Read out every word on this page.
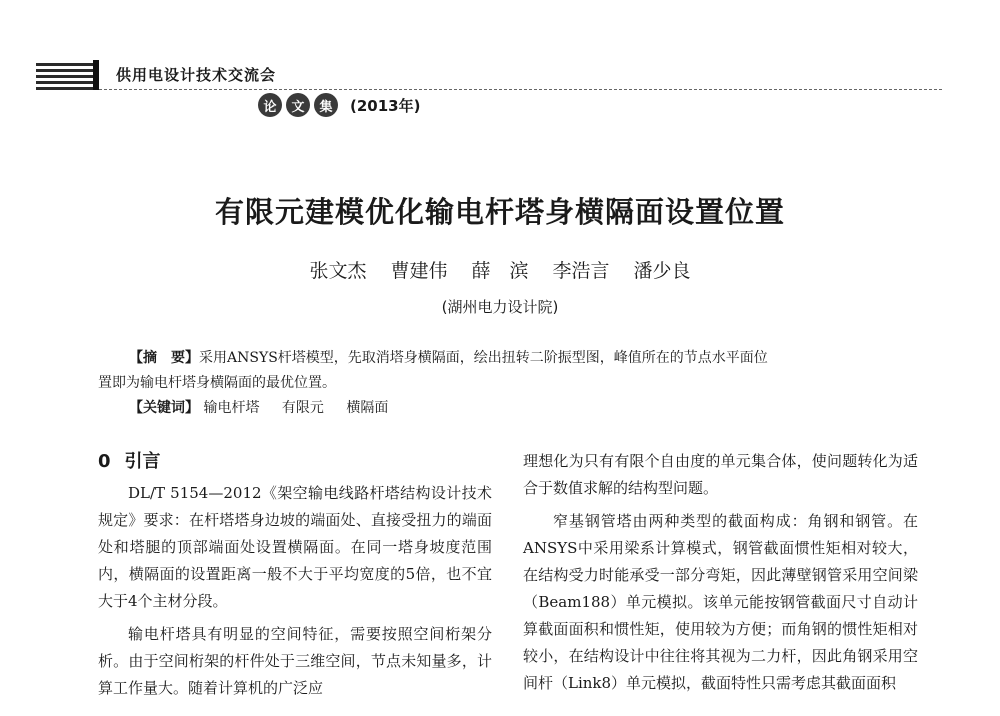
供用电设计技术交流会
论	文	集	(2013年)
有限元建模优化输电杆塔身横隔面设置位置
张文杰 曹建伟 薛　滨 李浩言 潘少良
(湖州电力设计院)

【摘　要】采用ANSYS杆塔模型，先取消塔身横隔面，绘出扭转二阶振型图，峰值所在的节点水平面位

置即为输电杆塔身横隔面的最优位置。

【关键词】 输电杆塔 有限元 横隔面

0 引言

DL/T 5154—2012《架空输电线路杆塔结构设计技术规定》要求：在杆塔塔身边坡的端面处、直接受扭力的端面处和塔腿的顶部端面处设置横隔面。在同一塔身坡度范围内，横隔面的设置距离一般不大于平均宽度的5倍，也不宜大于4个主材分段。

输电杆塔具有明显的空间特征，需要按照空间桁架分析。由于空间桁架的杆件处于三维空间，节点未知量多，计算工作量大。随着计算机的广泛应

理想化为只有有限个自由度的单元集合体，使问题转化为适合于数值求解的结构型问题。

窄基钢管塔由两种类型的截面构成：角钢和钢管。在ANSYS中采用梁系计算模式，钢管截面惯性矩相对较大，在结构受力时能承受一部分弯矩，因此薄壁钢管采用空间梁（Beam188）单元模拟。该单元能按钢管截面尺寸自动计算截面面积和惯性矩，使用较为方便；而角钢的惯性矩相对较小，在结构设计中往往将其视为二力杆，因此角钢采用空间杆（Link8）单元模拟，截面特性只需考虑其截面面积
